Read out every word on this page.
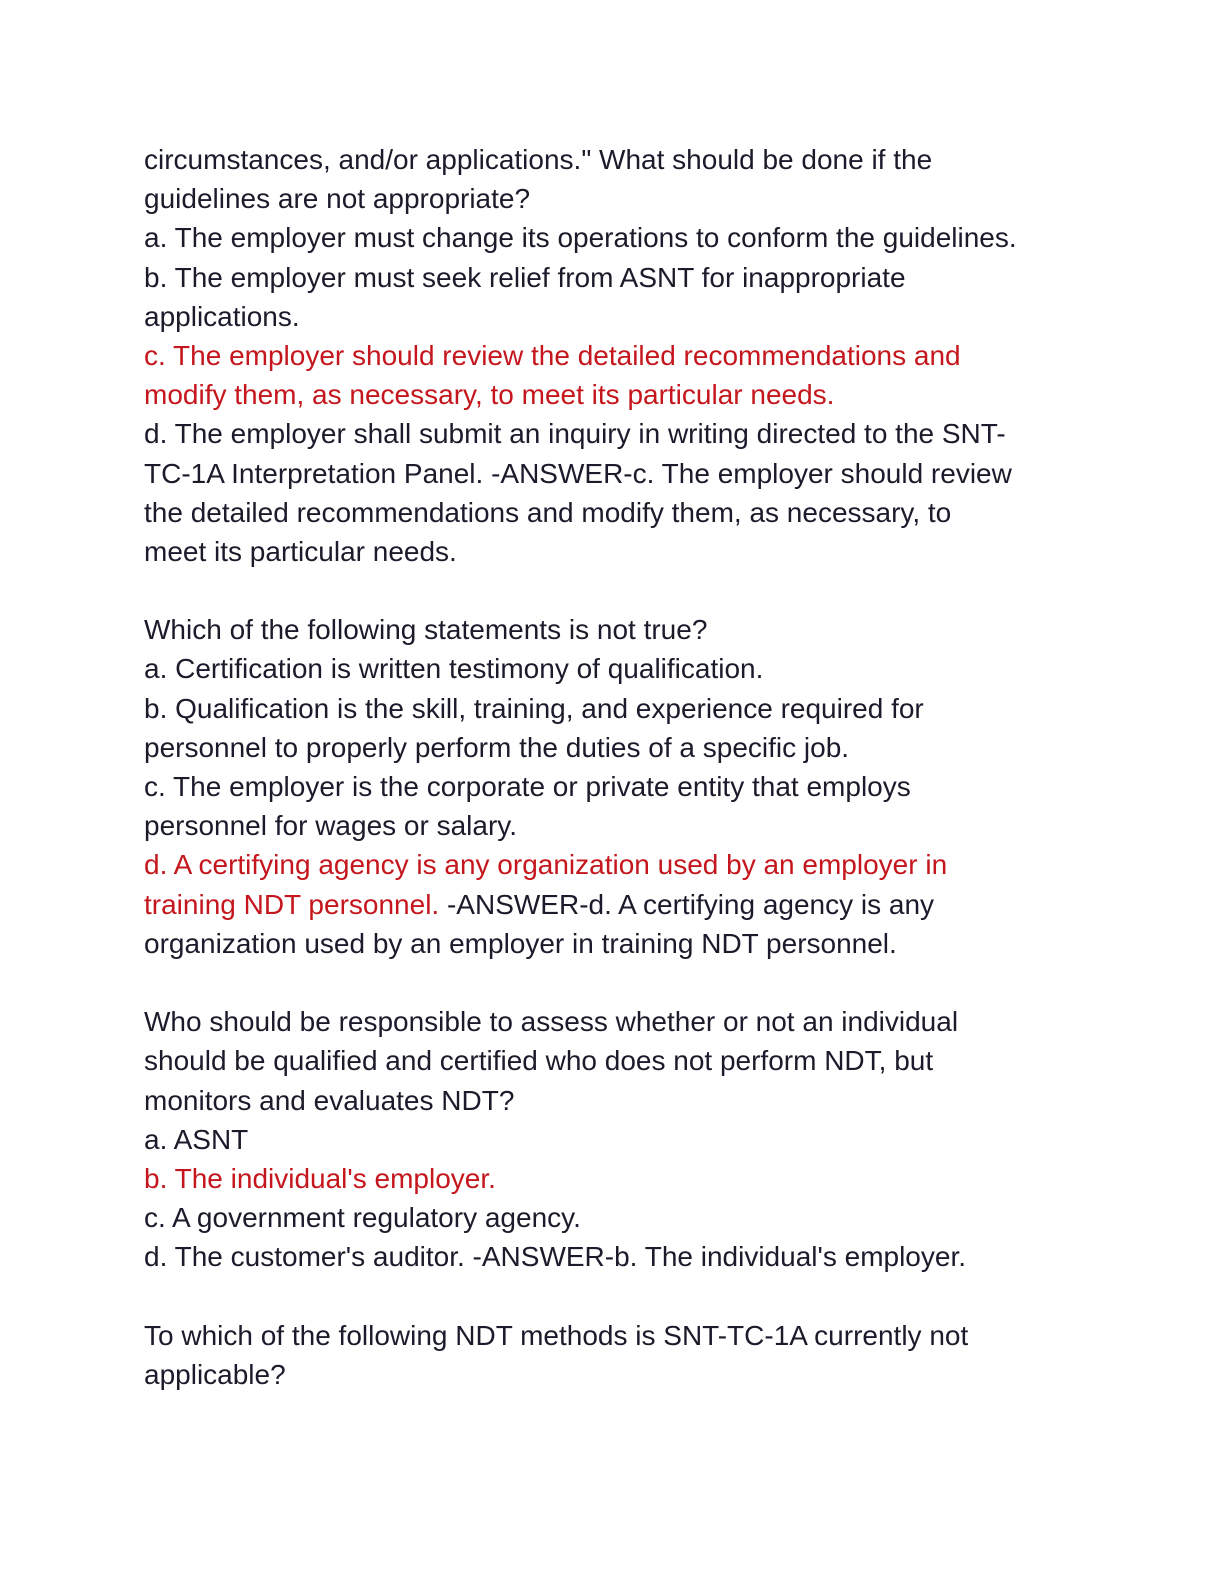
circumstances, and/or applications." What should be done if the
guidelines are not appropriate?
a. The employer must change its operations to conform the guidelines.
b. The employer must seek relief from ASNT for inappropriate
applications.
c. The employer should review the detailed recommendations and
modify them, as necessary, to meet its particular needs.
d. The employer shall submit an inquiry in writing directed to the SNT-
TC-1A Interpretation Panel. -ANSWER-c. The employer should review
the detailed recommendations and modify them, as necessary, to
meet its particular needs.
Which of the following statements is not true?
a. Certification is written testimony of qualification.
b. Qualification is the skill, training, and experience required for
personnel to properly perform the duties of a specific job.
c. The employer is the corporate or private entity that employs
personnel for wages or salary.
d. A certifying agency is any organization used by an employer in
training NDT personnel. -ANSWER-d. A certifying agency is any
organization used by an employer in training NDT personnel.
Who should be responsible to assess whether or not an individual
should be qualified and certified who does not perform NDT, but
monitors and evaluates NDT?
a. ASNT
b. The individual's employer.
c. A government regulatory agency.
d. The customer's auditor. -ANSWER-b. The individual's employer.
To which of the following NDT methods is SNT-TC-1A currently not
applicable?
